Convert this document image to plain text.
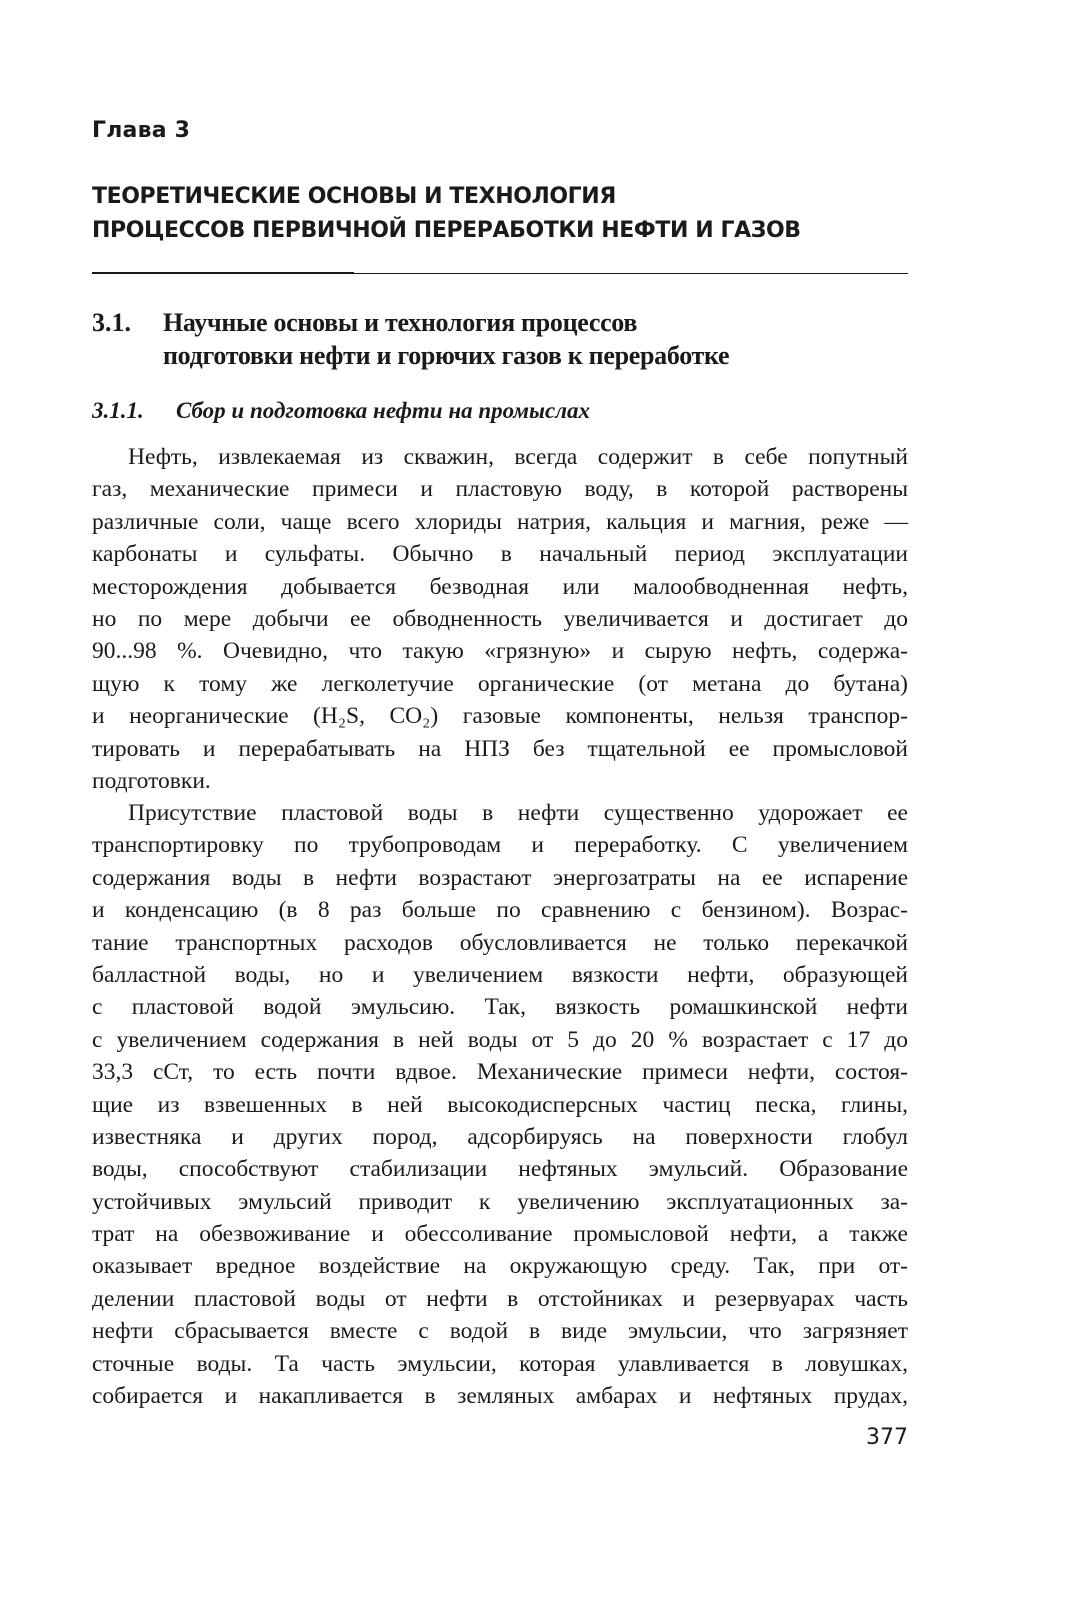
Глава 3
ТЕОРЕТИЧЕСКИЕ ОСНОВЫ И ТЕХНОЛОГИЯ
ПРОЦЕССОВ ПЕРВИЧНОЙ ПЕРЕРАБОТКИ НЕФТИ И ГАЗОВ
3.1. Научные основы и технология процессов
подготовки нефти и горючих газов к переработке
3.1.1. Сбор и подготовка нефти на промыслах
Нефть, извлекаемая из скважин, всегда содержит в себе попутный
газ, механические примеси и пластовую воду, в которой растворены
различные соли, чаще всего хлориды натрия, кальция и магния, реже —
карбонаты и сульфаты. Обычно в начальный период эксплуатации
месторождения добывается безводная или малообводненная нефть,
но по мере добычи ее обводненность увеличивается и достигает до
90...98 %. Очевидно, что такую «грязную» и сырую нефть, содержа-
щую к тому же легколетучие органические (от метана до бутана)
и неорганические (H₂S, CO₂) газовые компоненты, нельзя транспор-
тировать и перерабатывать на НПЗ без тщательной ее промысловой
подготовки.
Присутствие пластовой воды в нефти существенно удорожает ее
транспортировку по трубопроводам и переработку. С увеличением
содержания воды в нефти возрастают энергозатраты на ее испарение
и конденсацию (в 8 раз больше по сравнению с бензином). Возрас-
тание транспортных расходов обусловливается не только перекачкой
балластной воды, но и увеличением вязкости нефти, образующей
с пластовой водой эмульсию. Так, вязкость ромашкинской нефти
с увеличением содержания в ней воды от 5 до 20 % возрастает с 17 до
33,3 сСт, то есть почти вдвое. Механические примеси нефти, состоя-
щие из взвешенных в ней высокодисперсных частиц песка, глины,
известняка и других пород, адсорбируясь на поверхности глобул
воды, способствуют стабилизации нефтяных эмульсий. Образование
устойчивых эмульсий приводит к увеличению эксплуатационных за-
трат на обезвоживание и обессоливание промысловой нефти, а также
оказывает вредное воздействие на окружающую среду. Так, при от-
делении пластовой воды от нефти в отстойниках и резервуарах часть
нефти сбрасывается вместе с водой в виде эмульсии, что загрязняет
сточные воды. Та часть эмульсии, которая улавливается в ловушках,
собирается и накапливается в земляных амбарах и нефтяных прудах,
377
